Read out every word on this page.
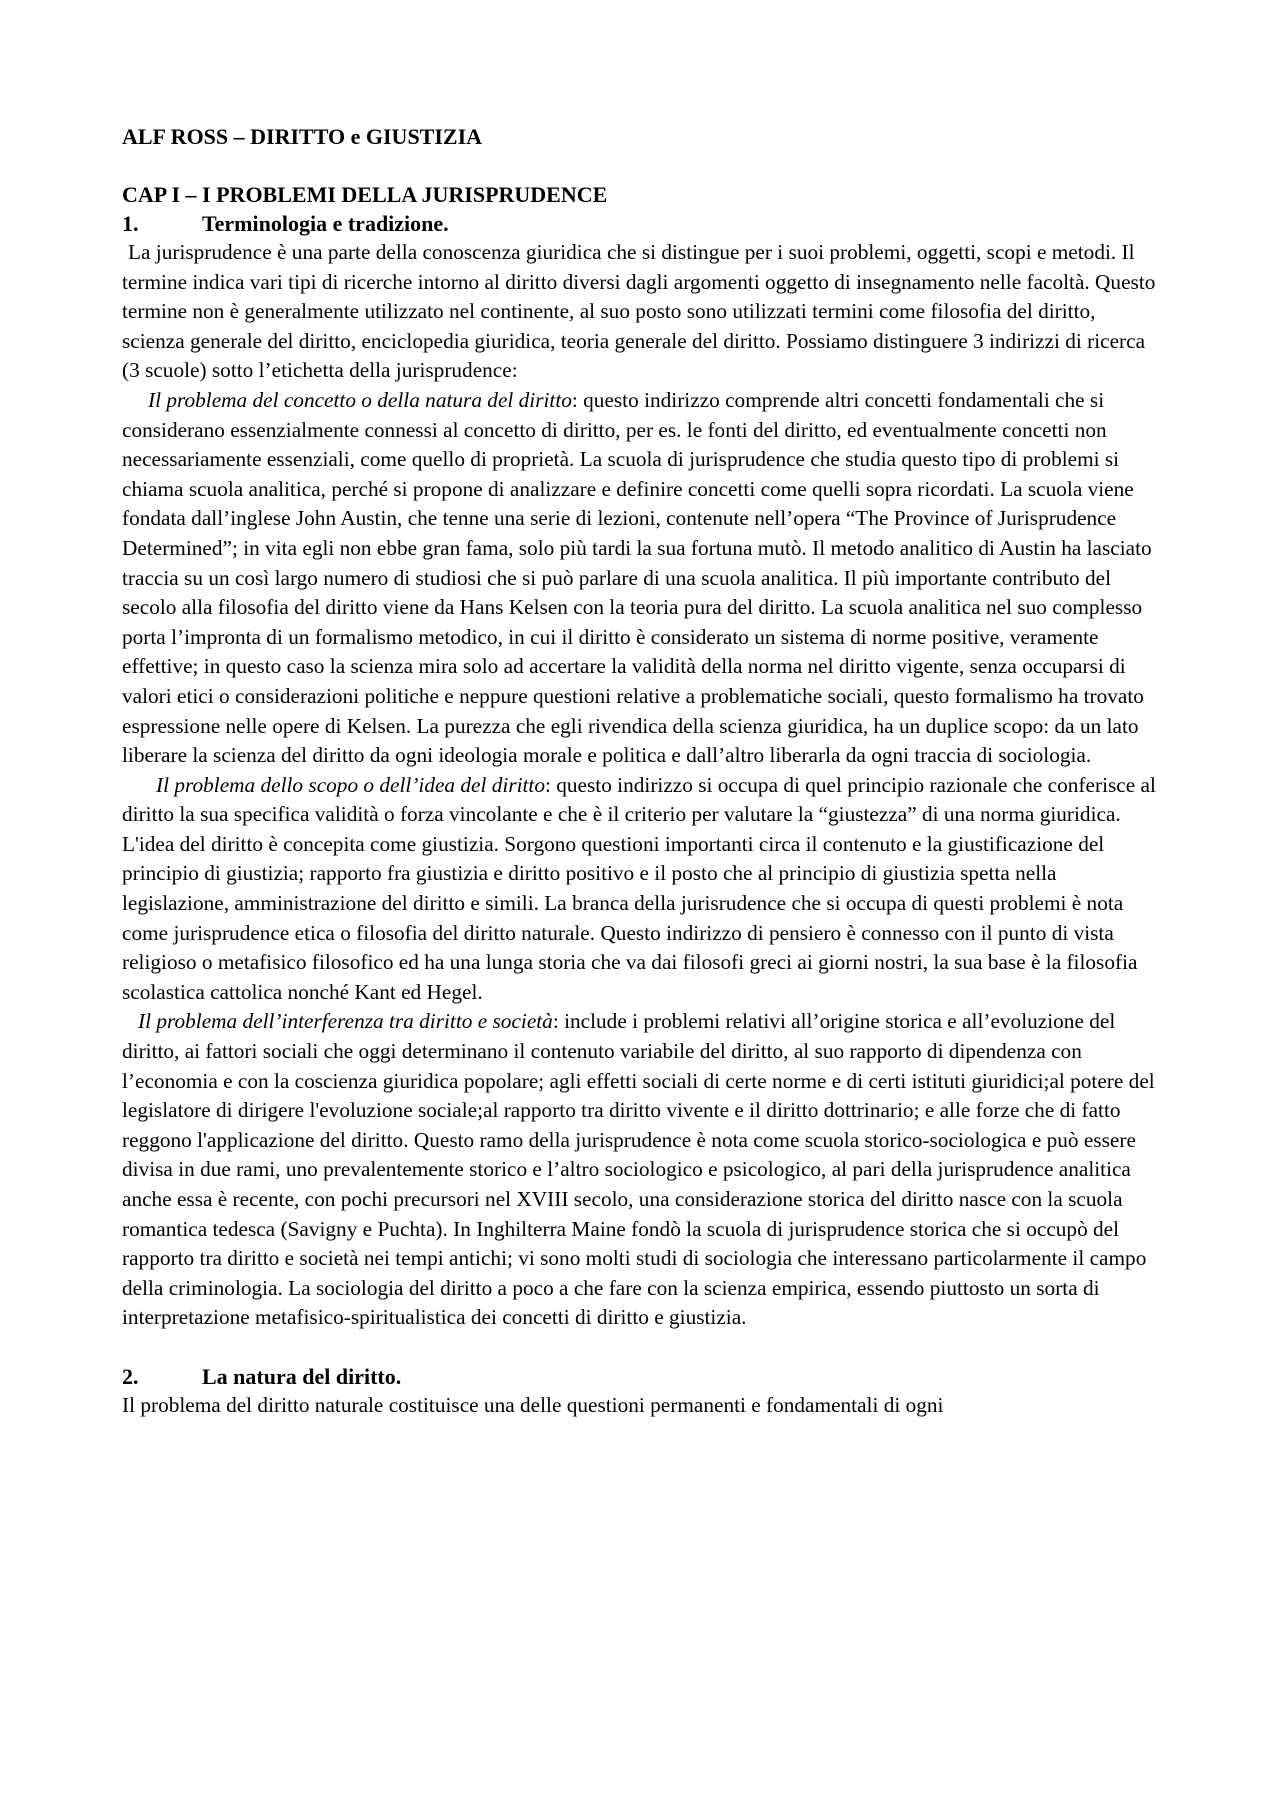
ALF ROSS – DIRITTO e GIUSTIZIA
CAP I – I PROBLEMI DELLA JURISPRUDENCE
1.	Terminologia e tradizione.

La jurisprudence è una parte della conoscenza giuridica che si distingue per i suoi problemi, oggetti, scopi e metodi. Il termine indica vari tipi di ricerche intorno al diritto diversi dagli argomenti oggetto di insegnamento nelle facoltà. Questo termine non è generalmente utilizzato nel continente, al suo posto sono utilizzati termini come filosofia del diritto, scienza generale del diritto, enciclopedia giuridica, teoria generale del diritto. Possiamo distinguere 3 indirizzi di ricerca (3 scuole) sotto l’etichetta della jurisprudence:

Il problema del concetto o della natura del diritto: questo indirizzo comprende altri concetti fondamentali che si considerano essenzialmente connessi al concetto di diritto, per es. le fonti del diritto, ed eventualmente concetti non necessariamente essenziali, come quello di proprietà. La scuola di jurisprudence che studia questo tipo di problemi si chiama scuola analitica, perché si propone di analizzare e definire concetti come quelli sopra ricordati. La scuola viene fondata dall’inglese John Austin, che tenne una serie di lezioni, contenute nell’opera “The Province of Jurisprudence Determined”; in vita egli non ebbe gran fama, solo più tardi la sua fortuna mutò. Il metodo analitico di Austin ha lasciato traccia su un così largo numero di studiosi che si può parlare di una scuola analitica. Il più importante contributo del secolo alla filosofia del diritto viene da Hans Kelsen con la teoria pura del diritto. La scuola analitica nel suo complesso porta l’impronta di un formalismo metodico, in cui il diritto è considerato un sistema di norme positive, veramente effettive; in questo caso la scienza mira solo ad accertare la validità della norma nel diritto vigente, senza occuparsi di valori etici o considerazioni politiche e neppure questioni relative a problematiche sociali, questo formalismo ha trovato espressione nelle opere di Kelsen. La purezza che egli rivendica della scienza giuridica, ha un duplice scopo: da un lato liberare la scienza del diritto da ogni ideologia morale e politica e dall’altro liberarla da ogni traccia di sociologia.

Il problema dello scopo o dell’idea del diritto: questo indirizzo si occupa di quel principio razionale che conferisce al diritto la sua specifica validità o forza vincolante e che è il criterio per valutare la “giustezza” di una norma giuridica. L'idea del diritto è concepita come giustizia. Sorgono questioni importanti circa il contenuto e la giustificazione del principio di giustizia; rapporto fra giustizia e diritto positivo e il posto che al principio di giustizia spetta nella legislazione, amministrazione del diritto e simili. La branca della jurisrudence che si occupa di questi problemi è nota come jurisprudence etica o filosofia del diritto naturale. Questo indirizzo di pensiero è connesso con il punto di vista religioso o metafisico filosofico ed ha una lunga storia che va dai filosofi greci ai giorni nostri, la sua base è la filosofia scolastica cattolica nonché Kant ed Hegel.

Il problema dell’interferenza tra diritto e società: include i problemi relativi all’origine storica e all’evoluzione del diritto, ai fattori sociali che oggi determinano il contenuto variabile del diritto, al suo rapporto di dipendenza con l’economia e con la coscienza giuridica popolare; agli effetti sociali di certe norme e di certi istituti giuridici;al potere del legislatore di dirigere l'evoluzione sociale;al rapporto tra diritto vivente e il diritto dottrinario; e alle forze che di fatto reggono l'applicazione del diritto. Questo ramo della jurisprudence è nota come scuola storico-sociologica e può essere divisa in due rami, uno prevalentemente storico e l’altro sociologico e psicologico, al pari della jurisprudence analitica anche essa è recente, con pochi precursori nel XVIII secolo, una considerazione storica del diritto nasce con la scuola romantica tedesca (Savigny e Puchta). In Inghilterra Maine fondò la scuola di jurisprudence storica che si occupò del rapporto tra diritto e società nei tempi antichi; vi sono molti studi di sociologia che interessano particolarmente il campo della criminologia. La sociologia del diritto a poco a che fare con la scienza empirica, essendo piuttosto un sorta di interpretazione metafisico-spiritualistica dei concetti di diritto e giustizia.

2.	La natura del diritto.

Il problema del diritto naturale costituisce una delle questioni permanenti e fondamentali di ogni
